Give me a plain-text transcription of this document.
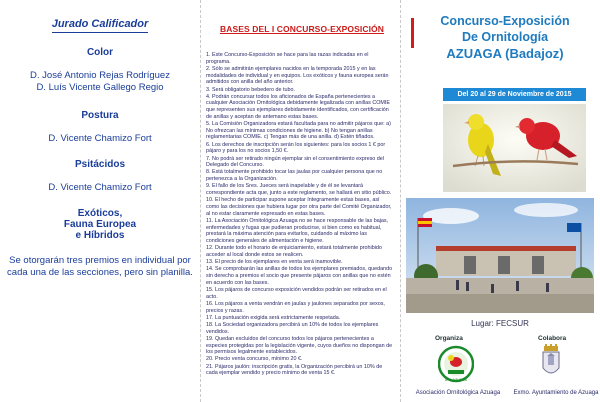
Jurado Calificador

Color

D. José Antonio Rejas Rodríguez

D. Luís Vicente Gallego Regio

Postura

D. Vicente Chamizo Fort

Psitácidos

D. Vicente Chamizo Fort

Exóticos,
Fauna Europea
e Híbridos

Se otorgarán tres premios en individual por cada una de las secciones, pero sin planilla.

BASES DEL I CONCURSO-EXPOSICIÓN
1. Este Concurso-Exposición se hace para las razas indicadas en el programa.
2. Sólo se admitirán ejemplares nacidos en la temporada 2015 y en las modalidades de individual y en equipos. Los exóticos y fauna europea serán admitidos con anilla del año anterior.
3. Será obligatorio bebedero de tubo.
4. Podrán concursar todos los aficionados de España pertenecientes a cualquier Asociación Ornitológica debidamente legalizada con anillas COMIE que representen sus ejemplares debidamente identificados, con certificación de anillas y aceptan de antemano estas bases.
5. La Comisión Organizadora estará facultada para no admitir pájaros que: a) No ofrezcan las mínimas condiciones de higiene. b) No tengan anillas reglamentarias COMIE. c) Tengan más de una anilla. d) Estén tiñados.
6. Los derechos de inscripción serán los siguientes: para los socios 1 € por pájaro y para los no socios 1,50 €.
7. No podrá ser retirado ningún ejemplar sin el consentimiento expreso del Delegado del Concurso.
8. Está totalmente prohibido tocar las jaulas por cualquier persona que no pertenezca a la Organización.
9. El fallo de los Sres. Jueces será inapelable y de él se levantará correspondiente acta que, junto a este reglamento, se hallará en sitio público.
10. El hecho de participar supone aceptar íntegramente estas bases, así como las decisiones que hubiera lugar por otra parte del Comité Organizador, al no estar claramente expresado en estas bases.
11. La Asociación Ornitológica Azuaga no se hace responsable de las bajas, enfermedades y fugas que pudieran producirse, si bien como es habitual, prestará la máxima atención para evitarlos, cuidando al máximo las condiciones generales de alimentación e higiene.
12. Durante todo el horario de enjuiciamiento, estará totalmente prohibido acceder al local donde estos se realicen.
13. El precio de los ejemplares en venta será inamovible.
14. Se comprobarán las anillas de todos los ejemplares premiados, quedando sin derecho a premios el socio que presente pájaros con anillas que no estén en acuerdo con las bases.
15. Los pájaros de concurso exposición vendidos podrán ser retirados en el acto.
16. Los pájaros a venta vendrán en jaulas y jaulones separados por sexos, precios y razas.
17. La puntuación exigida será estrictamente respetada.
18. La Sociedad organizadora percibirá un 10% de todos los ejemplares vendidos.
19. Quedan excluidos del concurso todos los pájaros pertenecientes a especies protegidas por la legislación vigente, cuyos dueños no dispongan de los permisos legalmente establecidos.
20. Precio venta concurso, mínimo 20 €.
21. Pájaros jaulón: inscripción gratis, la Organización percibirá un 10% de cada ejemplar vendido y precio mínimo de venta 15 €.

Concurso-Exposición

De Ornitología

AZUAGA (Badajoz)

Del 20 al 29 de Noviembre de 2015
Lugar: FECSUR
Organiza	Colabora
A.O. AZUAGA
Asociación Ornitológica Azuaga	Exmo. Ayuntamiento de Azuaga
